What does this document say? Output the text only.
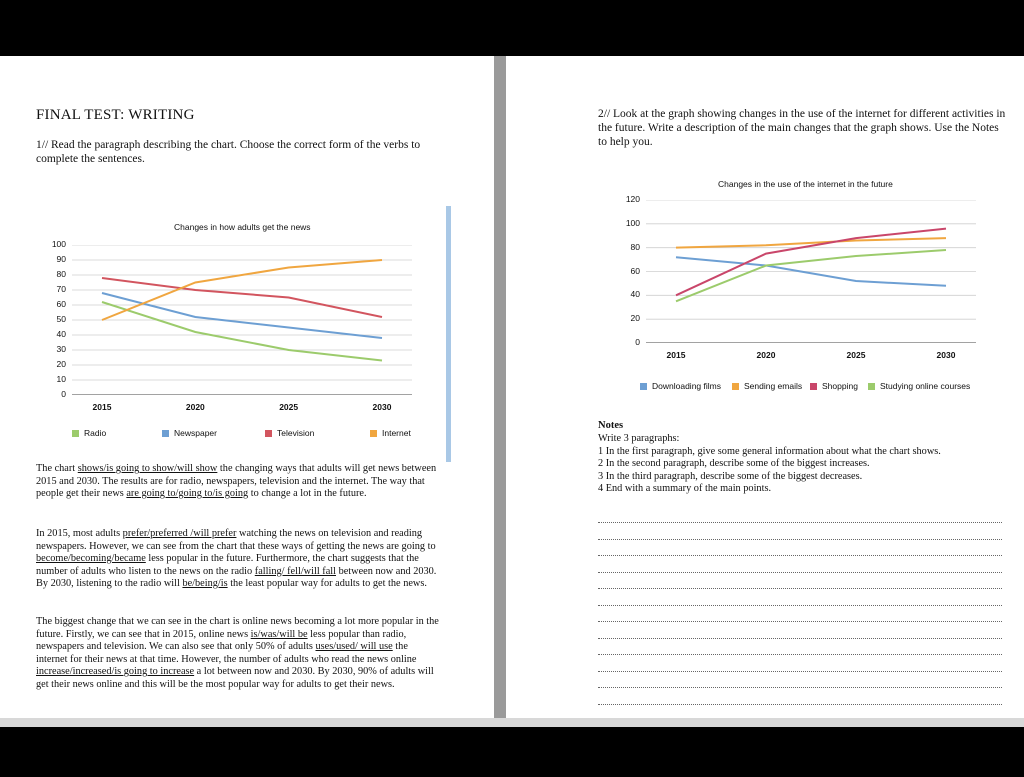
FINAL TEST: WRITING
1// Read the paragraph describing the chart. Choose the correct form of the verbs to complete the sentences.
Changes in how adults get the news
0
10
20
30
40
50
60
70
80
90
100
2015	2020	2025	2030
Radio	Newspaper	Television	Internet
The chart shows/is going to show/will show the changing ways that adults will get news between 2015 and 2030. The results are for radio, newspapers, television and the internet. The way that people get their news are going to/going to/is going to change a lot in the future.
In 2015, most adults prefer/preferred /will prefer watching the news on television and reading newspapers. However, we can see from the chart that these ways of getting the news are going to become/becoming/became less popular in the future. Furthermore, the chart suggests that the number of adults who listen to the news on the radio falling/ fell/will fall between now and 2030. By 2030, listening to the radio will be/being/is the least popular way for adults to get the news.
The biggest change that we can see in the chart is online news becoming a lot more popular in the future. Firstly, we can see that in 2015, online news is/was/will be less popular than radio, newspapers and television. We can also see that only 50% of adults uses/used/ will use the internet for their news at that time. However, the number of adults who read the news online increase/increased/is going to increase a lot between now and 2030. By 2030, 90% of adults will get their news online and this will be the most popular way for adults to get their news.
2// Look at the graph showing changes in the use of the internet for different activities in the future. Write a description of the main changes that the graph shows. Use the Notes to help you.
Changes in the use of the internet in the future
0
20
40
60
80
100
120
2015	2020	2025	2030
Downloading films	Sending emails	Shopping	Studying online courses
Notes
Write 3 paragraphs:
1 In the first paragraph, give some general information about what the chart shows.
2 In the second paragraph, describe some of the biggest increases.
3 In the third paragraph, describe some of the biggest decreases.
4 End with a summary of the main points.
